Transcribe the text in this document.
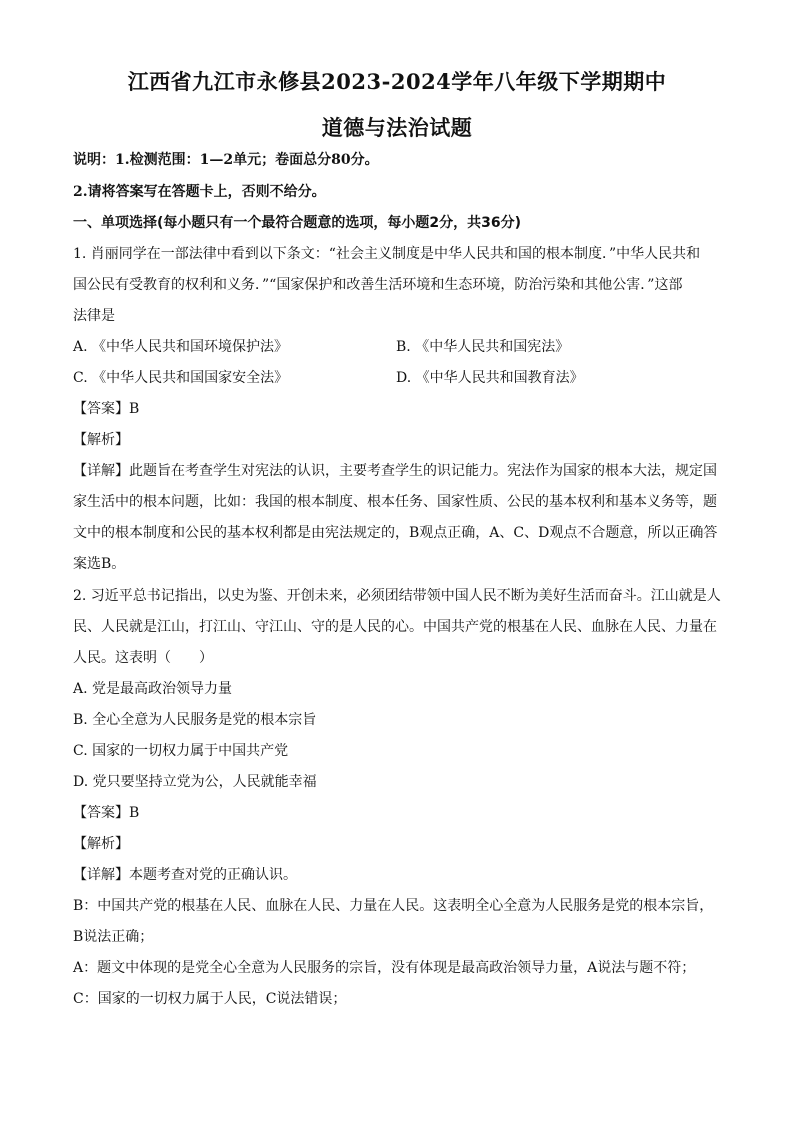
江西省九江市永修县2023-2024学年八年级下学期期中
道德与法治试题
说明：1.检测范围：1—2单元；卷面总分80分。
2.请将答案写在答题卡上，否则不给分。
一、单项选择(每小题只有一个最符合题意的选项，每小题2分，共36分)
1. 肖丽同学在一部法律中看到以下条文：“社会主义制度是中华人民共和国的根本制度．”中华人民共和
国公民有受教育的权利和义务．”“国家保护和改善生活环境和生态环境，防治污染和其他公害．”这部
法律是
A. 《中华人民共和国环境保护法》	B. 《中华人民共和国宪法》
C. 《中华人民共和国国家安全法》	D. 《中华人民共和国教育法》
【答案】B
【解析】
【详解】此题旨在考查学生对宪法的认识，主要考查学生的识记能力。宪法作为国家的根本大法，规定国
家生活中的根本问题，比如：我国的根本制度、根本任务、国家性质、公民的基本权利和基本义务等，题
文中的根本制度和公民的基本权利都是由宪法规定的，B观点正确，A、C、D观点不合题意，所以正确答
案选B。
2. 习近平总书记指出，以史为鉴、开创未来，必须团结带领中国人民不断为美好生活而奋斗。江山就是人
民、人民就是江山，打江山、守江山、守的是人民的心。中国共产党的根基在人民、血脉在人民、力量在
人民。这表明（　　）
A. 党是最高政治领导力量
B. 全心全意为人民服务是党的根本宗旨
C. 国家的一切权力属于中国共产党
D. 党只要坚持立党为公，人民就能幸福
【答案】B
【解析】
【详解】本题考查对党的正确认识。
B：中国共产党的根基在人民、血脉在人民、力量在人民。这表明全心全意为人民服务是党的根本宗旨，
B说法正确；
A：题文中体现的是党全心全意为人民服务的宗旨，没有体现是最高政治领导力量，A说法与题不符；
C：国家的一切权力属于人民，C说法错误；
